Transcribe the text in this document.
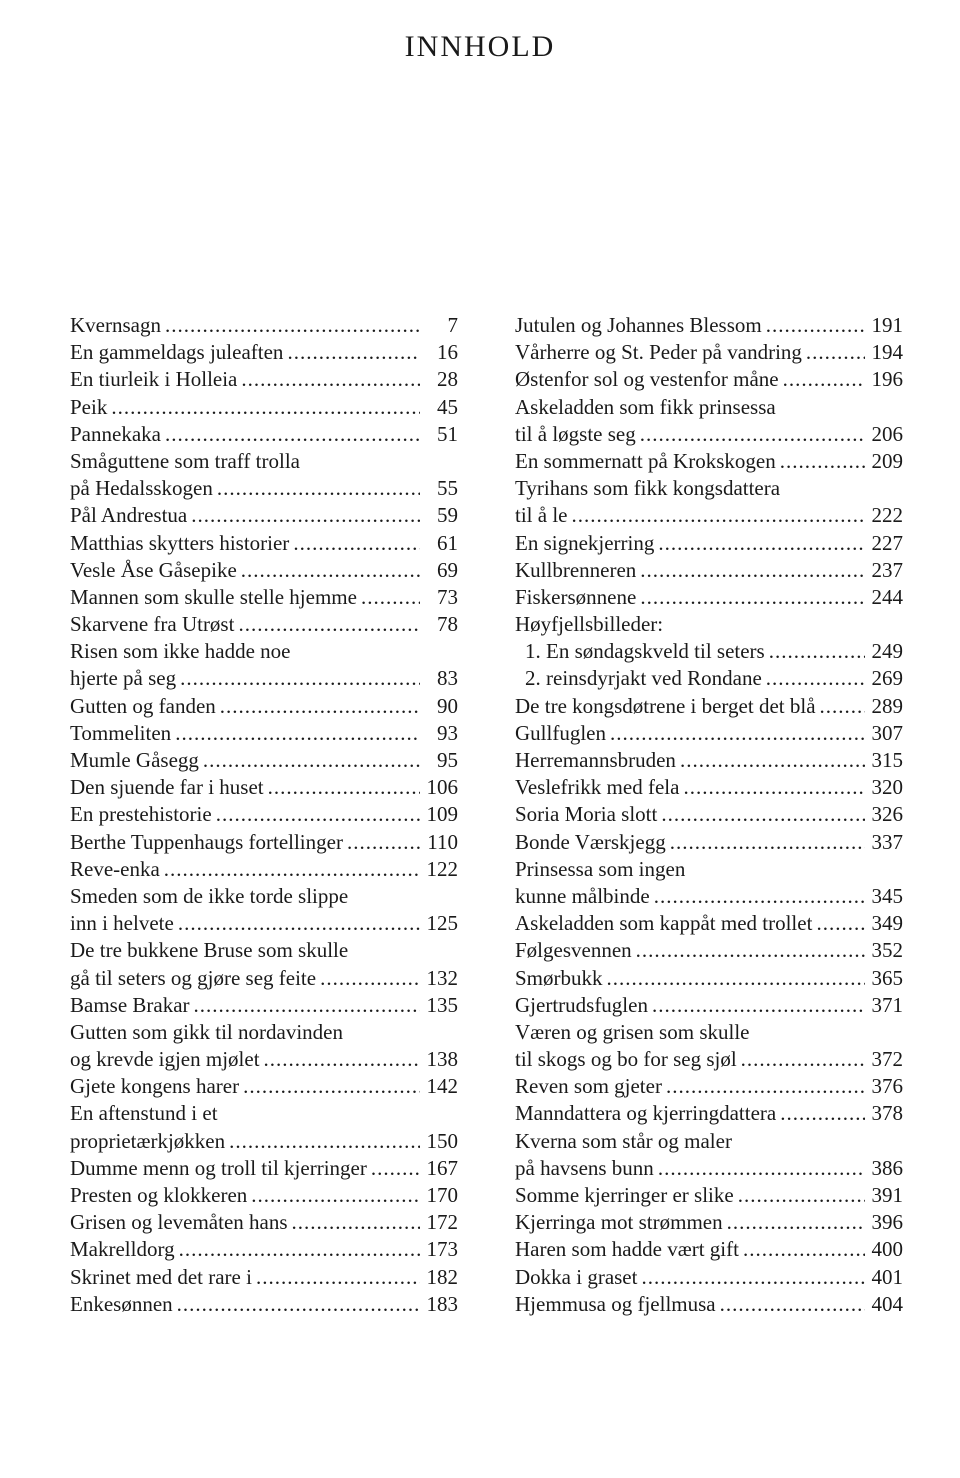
INNHOLD
Kvernsagn .....	7
En gammeldags juleaften .....	16
En tiurleik i Holleia .....	28
Peik .....	45
Pannekaka .....	51
Småguttene som traff trolla
på Hedalsskogen .....	55
Pål Andrestua .....	59
Matthias skytters historier .....	61
Vesle Åse Gåsepike .....	69
Mannen som skulle stelle hjemme .....	73
Skarvene fra Utrøst .....	78
Risen som ikke hadde noe
hjerte på seg .....	83
Gutten og fanden .....	90
Tommeliten .....	93
Mumle Gåsegg .....	95
Den sjuende far i huset .....	106
En prestehistorie .....	109
Berthe Tuppenhaugs fortellinger .....	110
Reve-enka .....	122
Smeden som de ikke torde slippe
inn i helvete .....	125
De tre bukkene Bruse som skulle
gå til seters og gjøre seg feite .....	132
Bamse Brakar .....	135
Gutten som gikk til nordavinden
og krevde igjen mjølet .....	138
Gjete kongens harer .....	142
En aftenstund i et
proprietærkjøkken .....	150
Dumme menn og troll til kjerringer .....	167
Presten og klokkeren .....	170
Grisen og levemåten hans .....	172
Makrelldorg .....	173
Skrinet med det rare i .....	182
Enkesønnen .....	183
Jutulen og Johannes Blessom .....	191
Vårherre og St. Peder på vandring .....	194
Østenfor sol og vestenfor måne .....	196
Askeladden som fikk prinsessa
til å løgste seg .....	206
En sommernatt på Krokskogen .....	209
Tyrihans som fikk kongsdattera
til å le .....	222
En signekjerring .....	227
Kullbrenneren .....	237
Fiskersønnene .....	244
Høyfjellsbilleder:
1. En søndagskveld til seters .....	249
2. reinsdyrjakt ved Rondane .....	269
De tre kongsdøtrene i berget det blå .....	289
Gullfuglen .....	307
Herremannsbruden .....	315
Veslefrikk med fela .....	320
Soria Moria slott .....	326
Bonde Værskjegg .....	337
Prinsessa som ingen
kunne målbinde .....	345
Askeladden som kappåt med trollet .....	349
Følgesvennen .....	352
Smørbukk .....	365
Gjertrudsfuglen .....	371
Væren og grisen som skulle
til skogs og bo for seg sjøl .....	372
Reven som gjeter .....	376
Manndattera og kjerringdattera .....	378
Kverna som står og maler
på havsens bunn .....	386
Somme kjerringer er slike .....	391
Kjerringa mot strømmen .....	396
Haren som hadde vært gift .....	400
Dokka i graset .....	401
Hjemmusa og fjellmusa .....	404
